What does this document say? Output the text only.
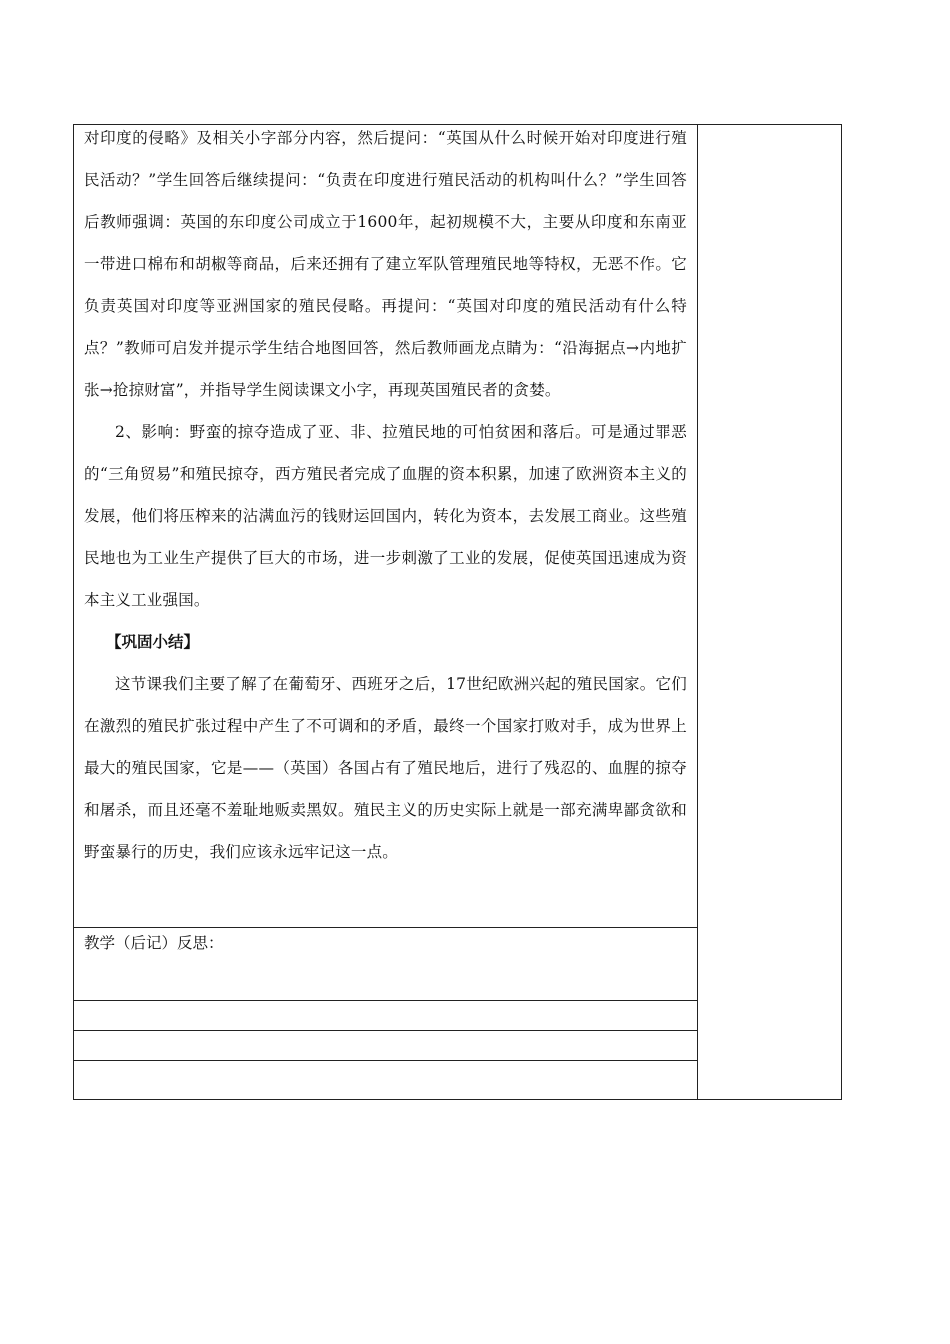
对印度的侵略》及相关小字部分内容，然后提问：“英国从什么时候开始对印度进行殖民活动？”学生回答后继续提问：“负责在印度进行殖民活动的机构叫什么？”学生回答后教师强调：英国的东印度公司成立于1600年，起初规模不大，主要从印度和东南亚一带进口棉布和胡椒等商品，后来还拥有了建立军队管理殖民地等特权，无恶不作。它负责英国对印度等亚洲国家的殖民侵略。再提问：“英国对印度的殖民活动有什么特点？”教师可启发并提示学生结合地图回答，然后教师画龙点睛为：“沿海据点→内地扩张→抢掠财富”，并指导学生阅读课文小字，再现英国殖民者的贪婪。

2、影响：野蛮的掠夺造成了亚、非、拉殖民地的可怕贫困和落后。可是通过罪恶的“三角贸易”和殖民掠夺，西方殖民者完成了血腥的资本积累，加速了欧洲资本主义的发展，他们将压榨来的沾满血污的钱财运回国内，转化为资本，去发展工商业。这些殖民地也为工业生产提供了巨大的市场，进一步刺激了工业的发展，促使英国迅速成为资本主义工业强国。

【巩固小结】

这节课我们主要了解了在葡萄牙、西班牙之后，17世纪欧洲兴起的殖民国家。它们在激烈的殖民扩张过程中产生了不可调和的矛盾，最终一个国家打败对手，成为世界上最大的殖民国家，它是——（英国）各国占有了殖民地后，进行了残忍的、血腥的掠夺和屠杀，而且还毫不羞耻地贩卖黑奴。殖民主义的历史实际上就是一部充满卑鄙贪欲和野蛮暴行的历史，我们应该永远牢记这一点。

教学（后记）反思：
